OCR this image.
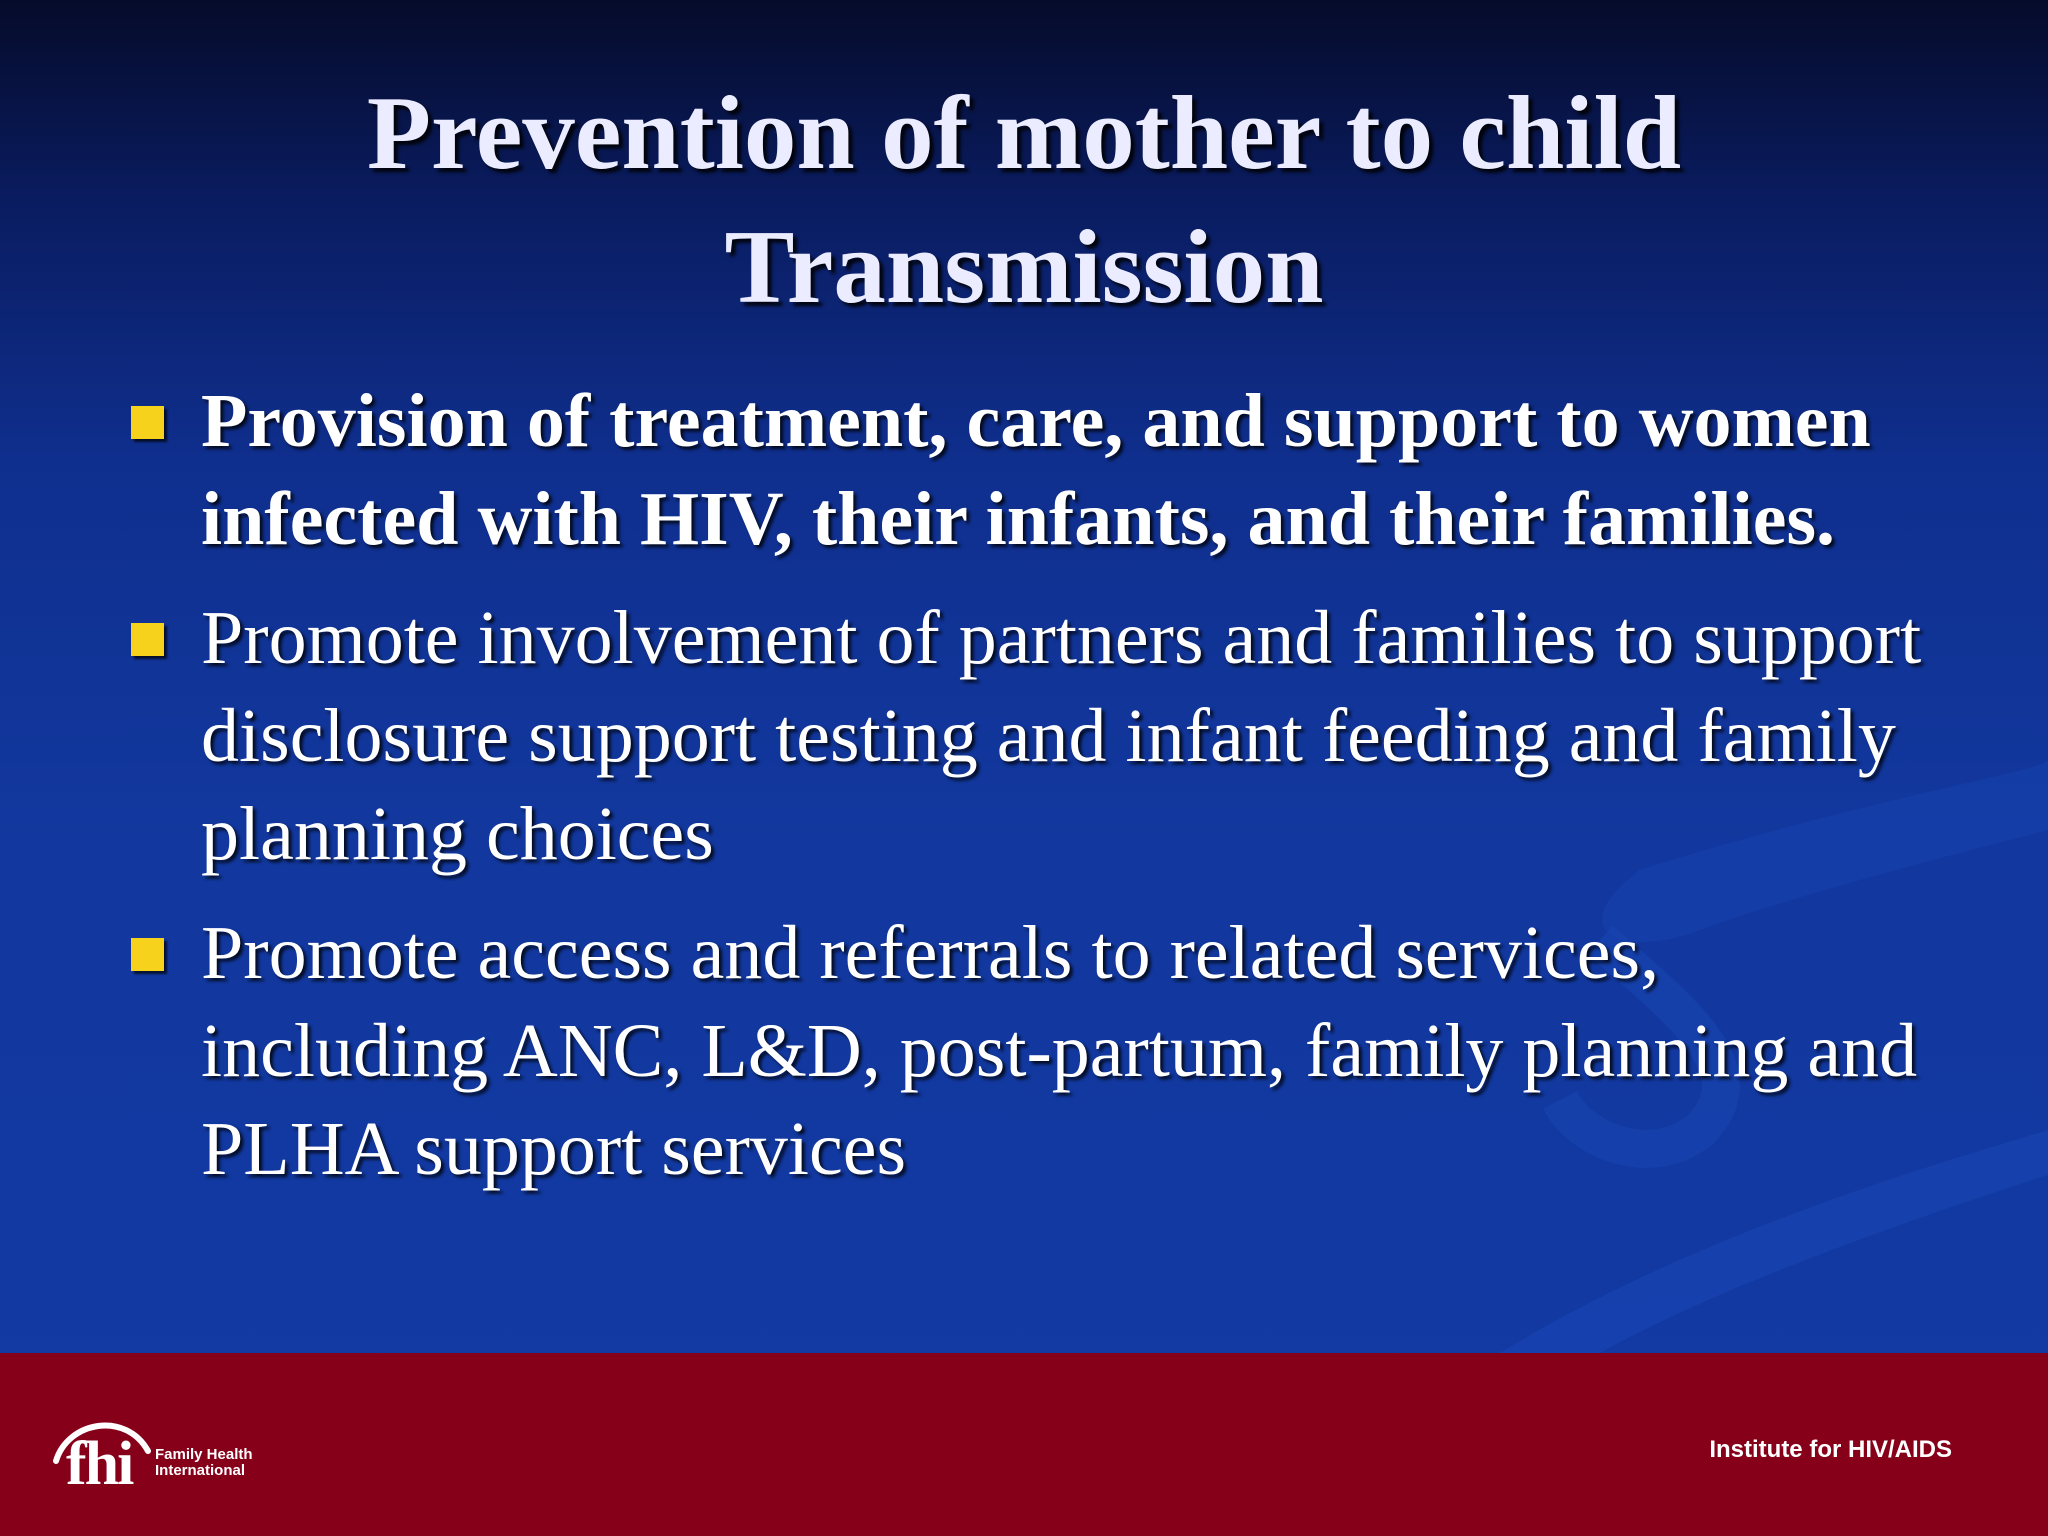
Prevention of mother to child Transmission
Provision of treatment, care, and support to women infected with HIV, their infants, and their families.
Promote involvement of partners and families to support disclosure support testing and infant feeding and family planning choices
Promote access and referrals to related services, including ANC, L&D, post-partum, family planning and PLHA support services
fhi Family Health International
Institute for HIV/AIDS
